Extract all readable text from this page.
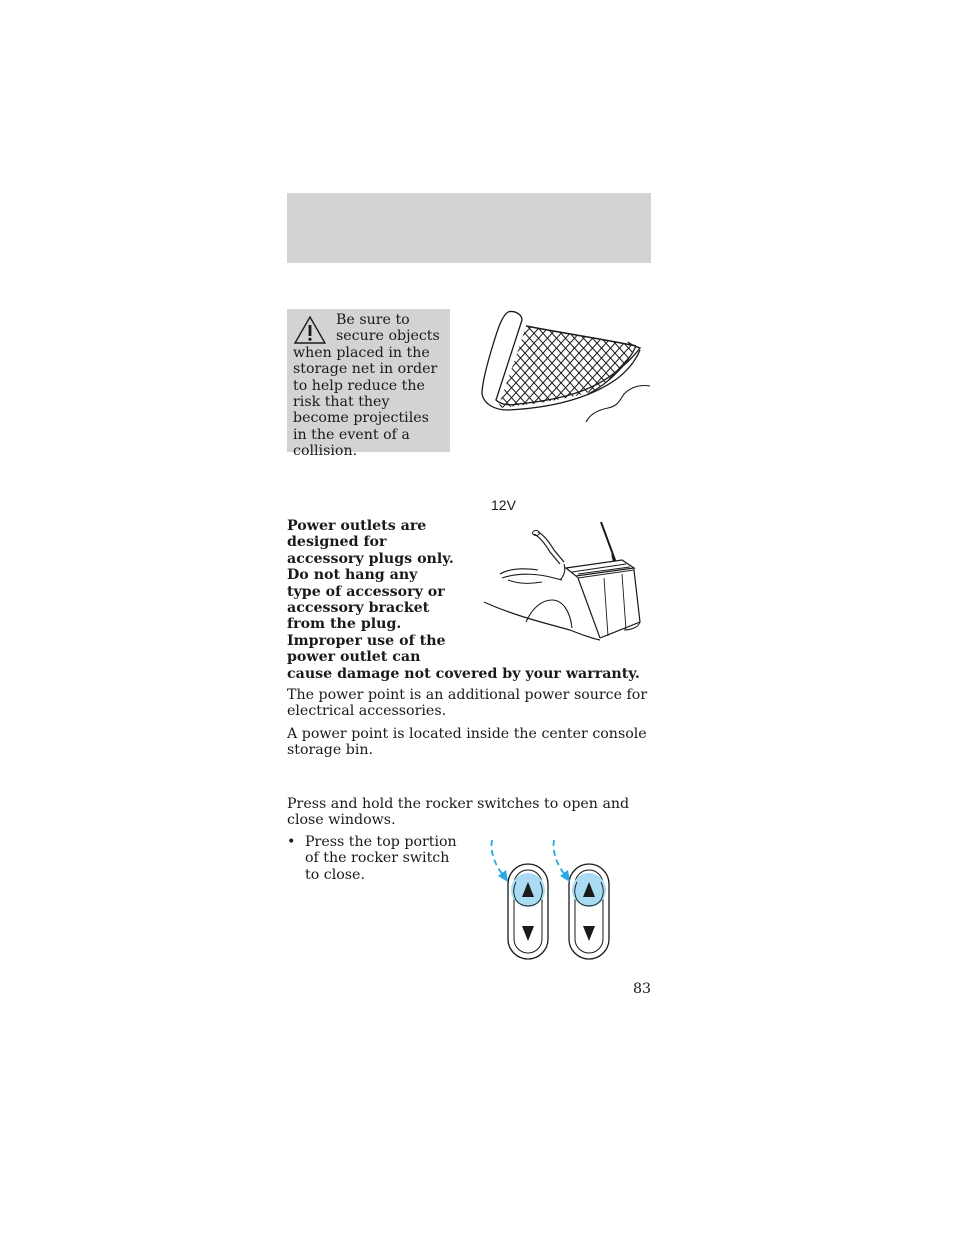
Be sure to secure objects when placed in the storage net in order to help reduce the risk that they become projectiles in the event of a collision.

12V

Power outlets are
designed for
accessory plugs only.
Do not hang any
type of accessory or
accessory bracket
from the plug.
Improper use of the
power outlet can
cause damage not covered by your warranty.

The power point is an additional power source for electrical accessories.

A power point is located inside the center console storage bin.

Press and hold the rocker switches to open and close windows.

• Press the top portion
of the rocker switch
to close.
83
